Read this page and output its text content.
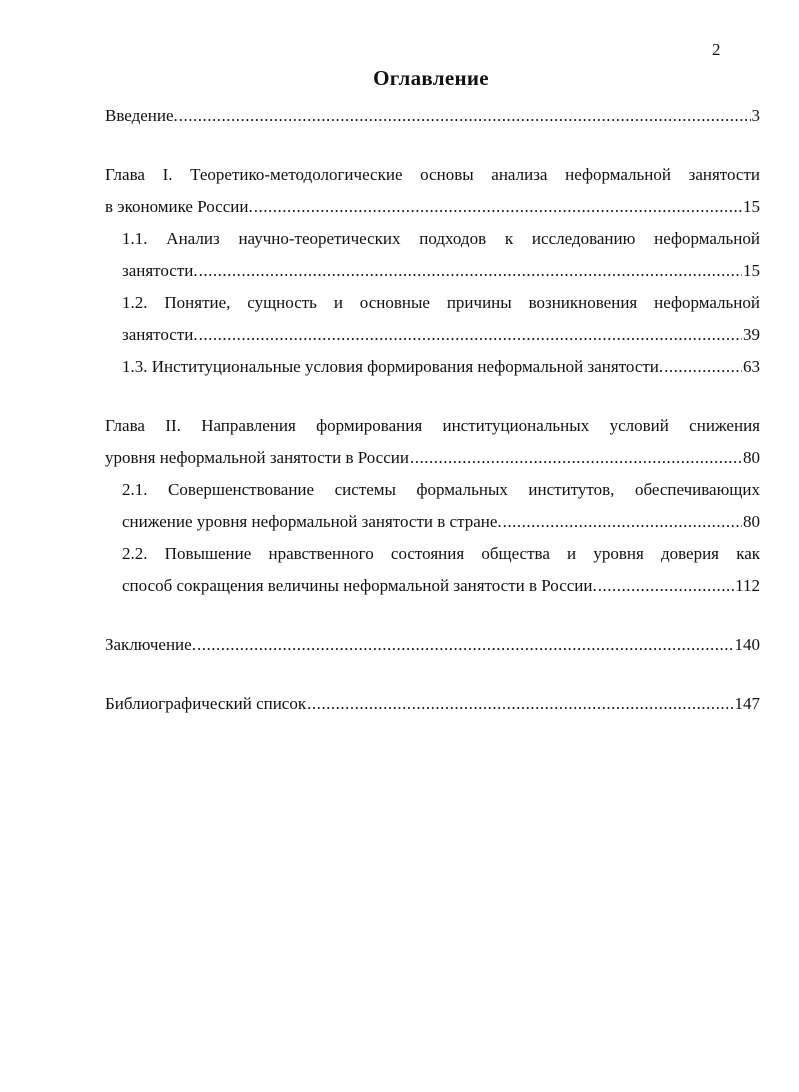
2
Оглавление
Введение. .....	3
Глава I. Теоретико-методологические основы анализа неформальной занятости
в экономике России. .....	15
1.1. Анализ научно-теоретических подходов к исследованию неформальной
занятости. .....	15
1.2. Понятие, сущность и основные причины возникновения неформальной
занятости. .....	39
1.3. Институциональные условия формирования неформальной занятости. .....	63
Глава II. Направления формирования институциональных условий снижения
уровня неформальной занятости в России .....	80
2.1. Совершенствование системы формальных институтов, обеспечивающих
снижение уровня неформальной занятости в стране. .....	80
2.2. Повышение нравственного состояния общества и уровня доверия как
способ сокращения величины неформальной занятости в России. .....	112
Заключение. .....	140
Библиографический список .....	147
